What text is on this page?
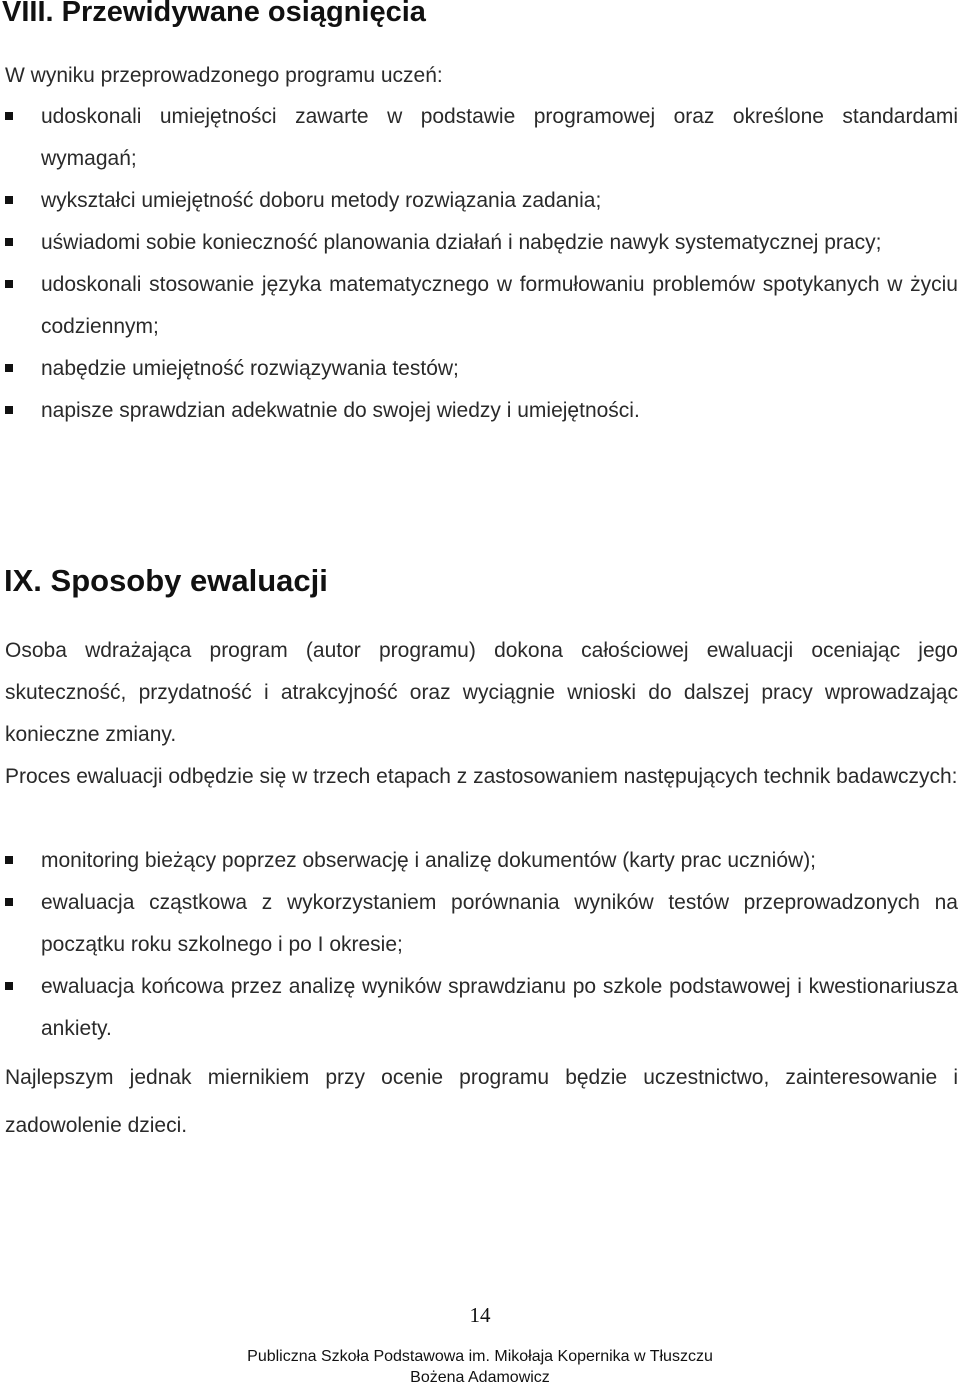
VIII. Przewidywane osiągnięcia
W wyniku przeprowadzonego programu uczeń:
udoskonali umiejętności zawarte w podstawie programowej oraz określone standardami wymagań;
wykształci umiejętność doboru metody rozwiązania zadania;
uświadomi sobie konieczność planowania działań i nabędzie nawyk systematycznej pracy;
udoskonali stosowanie języka matematycznego w formułowaniu problemów spotykanych w życiu codziennym;
nabędzie umiejętność rozwiązywania testów;
napisze sprawdzian adekwatnie do swojej wiedzy i umiejętności.
IX. Sposoby ewaluacji

Osoba wdrażająca program (autor programu) dokona całościowej ewaluacji oceniając jego skuteczność, przydatność i atrakcyjność oraz wyciągnie wnioski do dalszej pracy wprowadzając konieczne zmiany.

Proces ewaluacji odbędzie się w trzech etapach z zastosowaniem następujących technik badawczych:

monitoring bieżący poprzez obserwację i analizę dokumentów (karty prac uczniów);
ewaluacja cząstkowa z wykorzystaniem porównania wyników testów przeprowadzonych na początku roku szkolnego i po I okresie;
ewaluacja końcowa przez analizę wyników sprawdzianu po szkole podstawowej i kwestionariusza ankiety.

Najlepszym jednak miernikiem przy ocenie programu będzie uczestnictwo, zainteresowanie i zadowolenie dzieci.

14
Publiczna Szkoła Podstawowa im. Mikołaja Kopernika w Tłuszczu
Bożena Adamowicz
